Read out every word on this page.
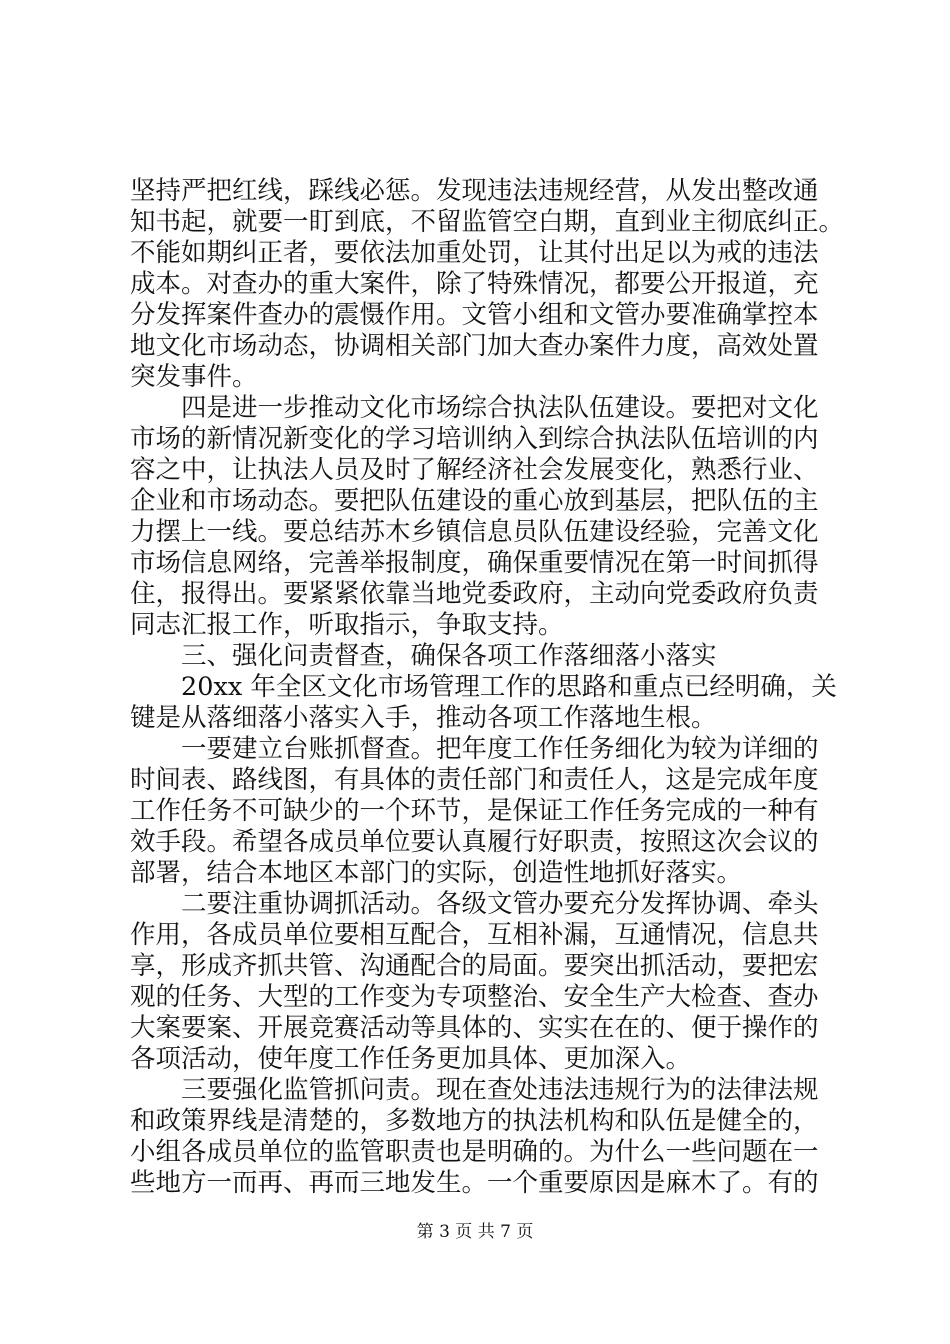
坚持严把红线，踩线必惩。发现违法违规经营，从发出整改通
知书起，就要一盯到底，不留监管空白期，直到业主彻底纠正。
不能如期纠正者，要依法加重处罚，让其付出足以为戒的违法
成本。对查办的重大案件，除了特殊情况，都要公开报道，充
分发挥案件查办的震慑作用。文管小组和文管办要准确掌控本
地文化市场动态，协调相关部门加大查办案件力度，高效处置
突发事件。
四是进一步推动文化市场综合执法队伍建设。要把对文化
市场的新情况新变化的学习培训纳入到综合执法队伍培训的内
容之中，让执法人员及时了解经济社会发展变化，熟悉行业、
企业和市场动态。要把队伍建设的重心放到基层，把队伍的主
力摆上一线。要总结苏木乡镇信息员队伍建设经验，完善文化
市场信息网络，完善举报制度，确保重要情况在第一时间抓得
住，报得出。要紧紧依靠当地党委政府，主动向党委政府负责
同志汇报工作，听取指示，争取支持。
三、强化问责督查，确保各项工作落细落小落实
20xx 年全区文化市场管理工作的思路和重点已经明确，关
键是从落细落小落实入手，推动各项工作落地生根。
一要建立台账抓督查。把年度工作任务细化为较为详细的
时间表、路线图，有具体的责任部门和责任人，这是完成年度
工作任务不可缺少的一个环节，是保证工作任务完成的一种有
效手段。希望各成员单位要认真履行好职责，按照这次会议的
部署，结合本地区本部门的实际，创造性地抓好落实。
二要注重协调抓活动。各级文管办要充分发挥协调、牵头
作用，各成员单位要相互配合，互相补漏，互通情况，信息共
享，形成齐抓共管、沟通配合的局面。要突出抓活动，要把宏
观的任务、大型的工作变为专项整治、安全生产大检查、查办
大案要案、开展竞赛活动等具体的、实实在在的、便于操作的
各项活动，使年度工作任务更加具体、更加深入。
三要强化监管抓问责。现在查处违法违规行为的法律法规
和政策界线是清楚的，多数地方的执法机构和队伍是健全的，
小组各成员单位的监管职责也是明确的。为什么一些问题在一
些地方一而再、再而三地发生。一个重要原因是麻木了。有的
第 3 页 共 7 页
